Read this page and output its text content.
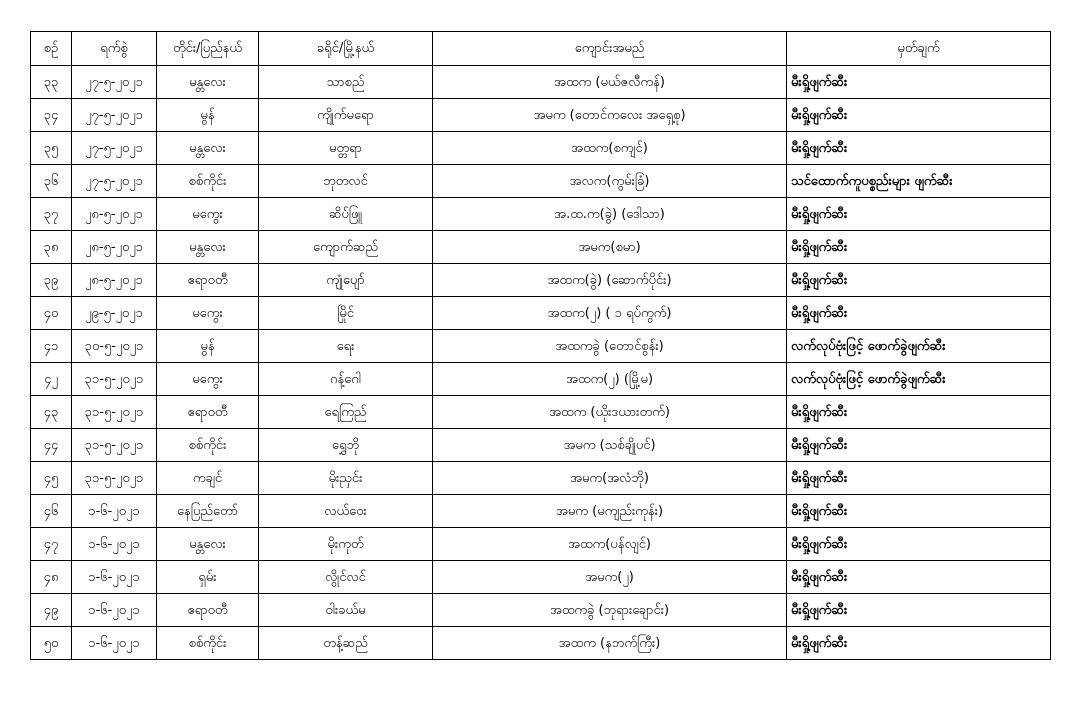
စဥ်	ရက်စွဲ	တိုင်း/ပြည်နယ်	ခရိုင်/မြို့နယ်	ကျောင်းအမည်	မှတ်ချက်
၃၃	၂၇-၅-၂၀၂၁	မန္တလေး	သာစည်	အထက (မယ်ဇလီကန်)	မီးရှို့ဖျက်ဆီး
၃၄	၂၇-၅-၂၀၂၁	မွန်	ကျိုက်မရော	အမက (တောင်ကလေး အရှေ့စု)	မီးရှို့ဖျက်ဆီး
၃၅	၂၇-၅-၂၀၂၁	မန္တလေး	မတ္တရာ	အထက(စကျင်)	မီးရှို့ဖျက်ဆီး
၃၆	၂၇-၅-၂၀၂၁	စစ်ကိုင်း	ဘုတလင်	အလက(ကွမ်းခြံ)	သင်ထောက်ကူပစ္စည်းများ ဖျက်ဆီး
၃၇	၂၈-၅-၂၀၂၁	မကွေး	ဆိပ်ဖြူ	အ.ထ.က(ခွဲ) (ဒေါသာ)	မီးရှို့ဖျက်ဆီး
၃၈	၂၈-၅-၂၀၂၁	မန္တလေး	ကျောက်ဆည်	အမက(စမာ)	မီးရှို့ဖျက်ဆီး
၃၉	၂၈-၅-၂၀၂၁	ဧရာဝတီ	ကျုံပျော်	အထက(ခွဲ) (ဆောက်ပိုင်း)	မီးရှို့ဖျက်ဆီး
၄၀	၂၉-၅-၂၀၂၁	မကွေး	မြိုင်	အထက(၂) ( ၁ ရပ်ကွက်)	မီးရှို့ဖျက်ဆီး
၄၁	၃၀-၅-၂၀၂၁	မွန်	ရေး	အထကခွဲ (တောင်စွန်း)	လက်လုပ်ဗုံးဖြင့် ဖောက်ခွဲဖျက်ဆီး
၄၂	၃၁-၅-၂၀၂၁	မကွေး	ဂန့်ဂေါ	အထက(၂) (မြို့မ)	လက်လုပ်ဗုံးဖြင့် ဖောက်ခွဲဖျက်ဆီး
၄၃	၃၁-၅-၂၀၂၁	ဧရာဝတီ	ရေကြည်	အထက (ယိုးဒယားတက်)	မီးရှို့ဖျက်ဆီး
၄၄	၃၁-၅-၂၀၂၁	စစ်ကိုင်း	ရွှေဘို	အမက (သစ်ချိုပင်)	မီးရှို့ဖျက်ဆီး
၄၅	၃၁-၅-၂၀၂၁	ကချင်	မိုးညှင်း	အမက(အလံဘို)	မီးရှို့ဖျက်ဆီး
၄၆	၁-၆-၂၀၂၁	နေပြည်တော်	လယ်ဝေး	အမက (မကျည်းကုန်း)	မီးရှို့ဖျက်ဆီး
၄၇	၁-၆-၂၀၂၁	မန္တလေး	မိုးကုတ်	အထက(ပန်လျင်)	မီးရှို့ဖျက်ဆီး
၄၈	၁-၆-၂၀၂၁	ရှမ်း	လွိုင်လင်	အမက(၂)	မီးရှို့ဖျက်ဆီး
၄၉	၁-၆-၂၀၂၁	ဧရာဝတီ	ဝါးခယ်မ	အထကခွဲ (ဘုရားချောင်း)	မီးရှို့ဖျက်ဆီး
၅၀	၁-၆-၂၀၂၁	စစ်ကိုင်း	တန့်ဆည်	အထက (နဘက်ကြီး)	မီးရှို့ဖျက်ဆီး
